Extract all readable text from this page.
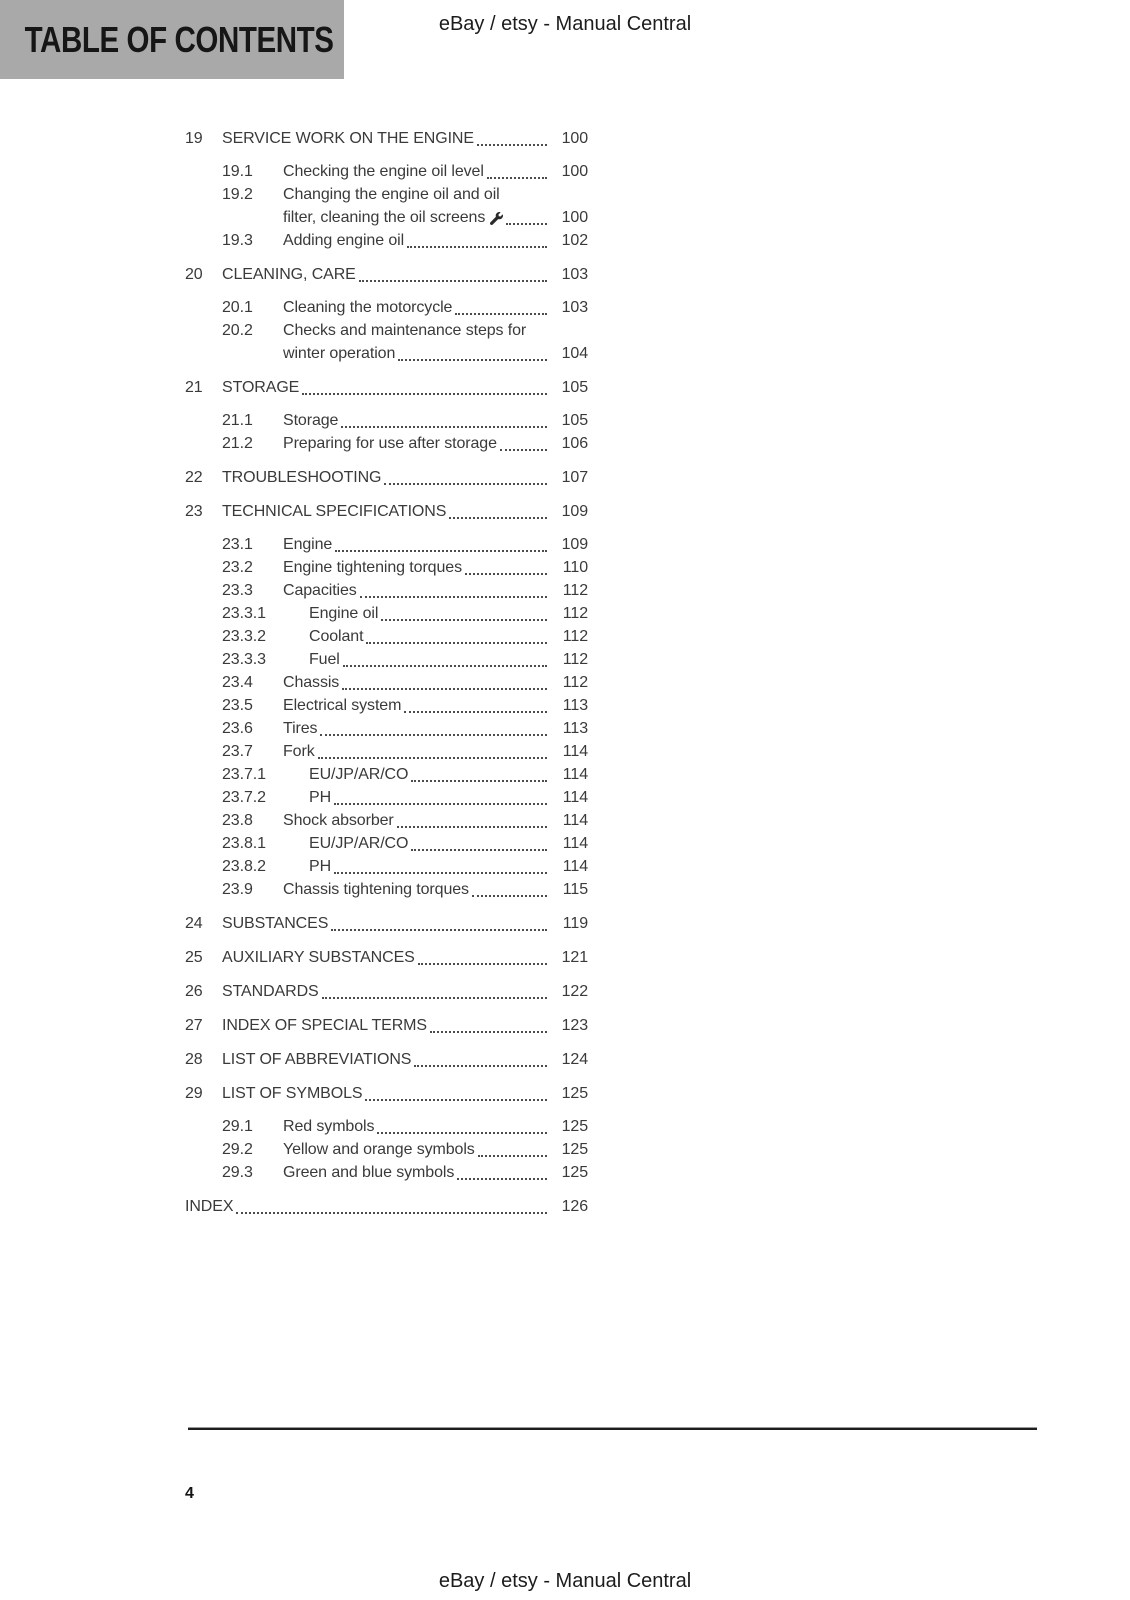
TABLE OF CONTENTS	eBay / etsy - Manual Central
19	SERVICE WORK ON THE ENGINE	100
19.1	Checking the engine oil level	100
19.2	Changing the engine oil and oil
filter, cleaning the oil screens	100
19.3	Adding engine oil	102
20	CLEANING, CARE	103
20.1	Cleaning the motorcycle	103
20.2	Checks and maintenance steps for
winter operation	104
21	STORAGE	105
21.1	Storage	105
21.2	Preparing for use after storage	106
22	TROUBLESHOOTING	107
23	TECHNICAL SPECIFICATIONS	109
23.1	Engine	109
23.2	Engine tightening torques	110
23.3	Capacities	112
23.3.1	Engine oil	112
23.3.2	Coolant	112
23.3.3	Fuel	112
23.4	Chassis	112
23.5	Electrical system	113
23.6	Tires	113
23.7	Fork	114
23.7.1	EU/JP/AR/CO	114
23.7.2	PH	114
23.8	Shock absorber	114
23.8.1	EU/JP/AR/CO	114
23.8.2	PH	114
23.9	Chassis tightening torques	115
24	SUBSTANCES	119
25	AUXILIARY SUBSTANCES	121
26	STANDARDS	122
27	INDEX OF SPECIAL TERMS	123
28	LIST OF ABBREVIATIONS	124
29	LIST OF SYMBOLS	125
29.1	Red symbols	125
29.2	Yellow and orange symbols	125
29.3	Green and blue symbols	125
INDEX	126
4
eBay / etsy - Manual Central
